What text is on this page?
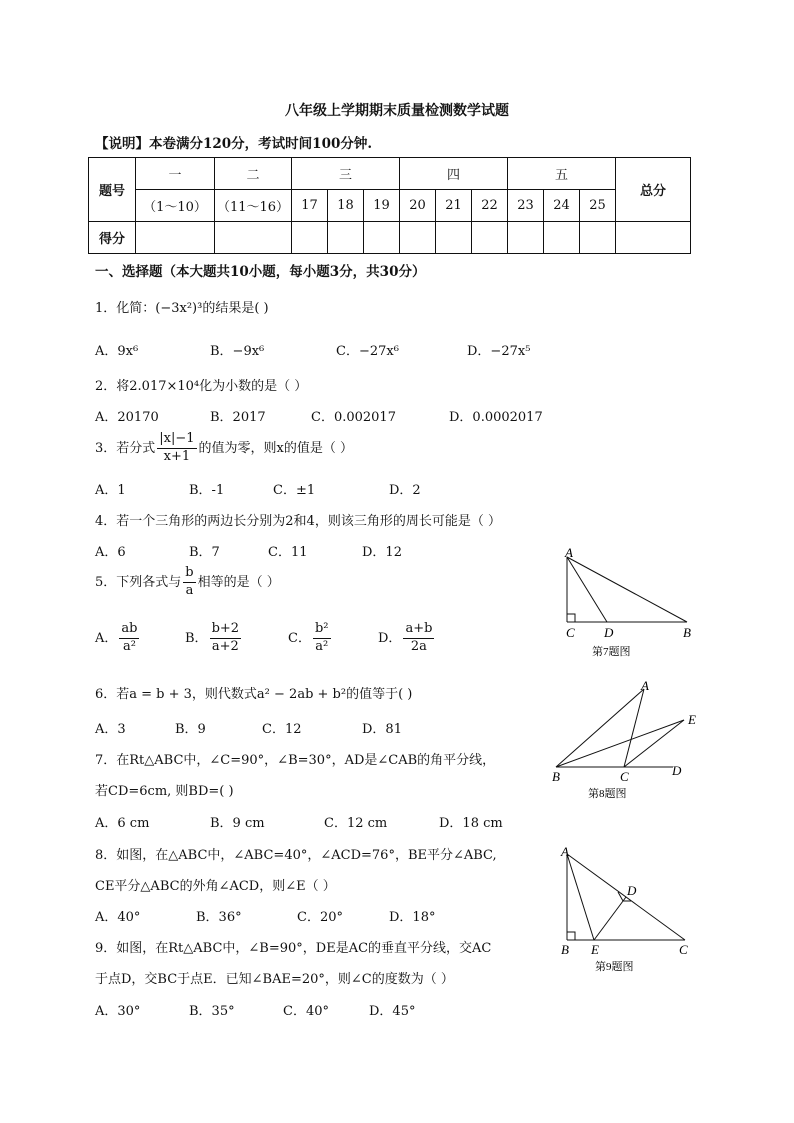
八年级上学期期末质量检测数学试题
【说明】本卷满分120分，考试时间100分钟.
题号	一	二	三			四			五			总分
	（1～10）	（11～16）	17	18	19	20	21	22	23	24	25	
得分												
一、选择题（本大题共10小题，每小题3分，共30分）
1．化简：(−3x²)³的结果是( )
A．9x⁶	B．−9x⁶	C．−27x⁶	D．−27x⁵
2．将2.017×10⁴化为小数的是（ ）
A．20170	B．2017	C．0.002017	D．0.0002017
3．若分式 $\frac{|x|-1}{x+1}$ 的值为零，则x的值是（ ）
A．1	B．-1	C．±1	D．2
4．若一个三角形的两边长分别为2和4，则该三角形的周长可能是（ ）
A．6	B．7	C．11	D．12
5．下列各式与 $\frac{b}{a}$ 相等的是（ ）
A． $\frac{ab}{\text{a²}}$	B． $\frac{b+2}{a+2}$	C． $\frac{\text{b²}}{\text{a²}}$	D． $\frac{a+b}{2a}$
6．若a = b + 3，则代数式a² − 2ab + b²的值等于( )
A．3	B．9	C．12	D．81
7．在Rt△ABC中，∠C=90°，∠B=30°，AD是∠CAB的角平分线，
若CD=6cm, 则BD=( )
A．6 cm	B．9 cm	C．12 cm	D．18 cm
8．如图，在△ABC中，∠ABC=40°，∠ACD=76°，BE平分∠ABC,
CE平分△ABC的外角∠ACD，则∠E（ ）
A．40°	B．36°	C．20°	D．18°
9．如图，在Rt△ABC中，∠B=90°，DE是AC的垂直平分线，交AC
于点D，交BC于点E．已知∠BAE=20°，则∠C的度数为（ ）
A．30°	B．35°	C．40°	D．45°
A
C D	B
第7题图
A
E
B	C	D
第8题图
A
D
B E	C
第9题图
